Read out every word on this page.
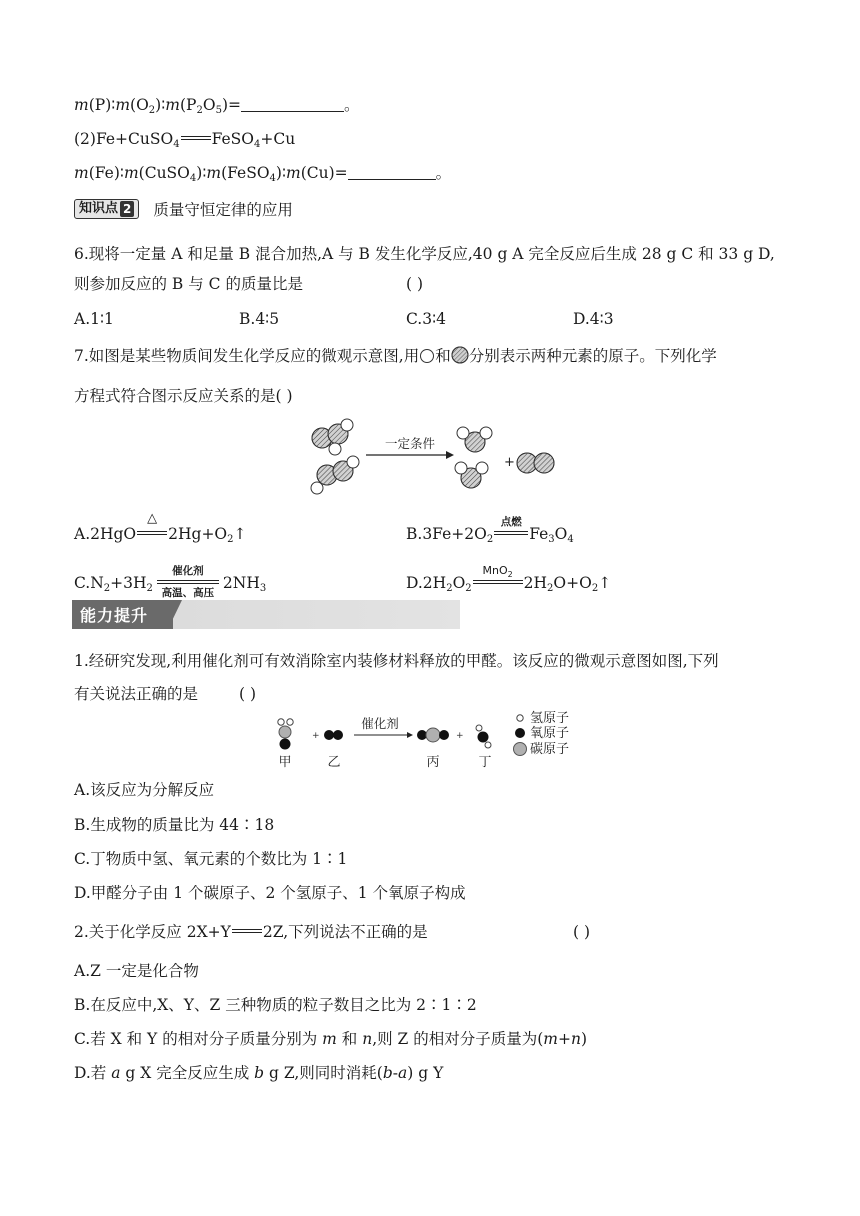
$m(P)∶m(O_2)∶m(P_2O_5)=$	。
(2)Fe+CuSO$_4$ FeSO$_4$+Cu
m(Fe)∶m(CuSO$_4$)∶m(FeSO$_4$)∶m(Cu)=	。
知识点 2 质量守恒定律的应用
6.现将一定量 A 和足量 B 混合加热,A 与 B 发生化学反应,40 g A 完全反应后生成 28 g C 和 33 g D,
则参加反应的 B 与 C 的质量比是	( )
A.1∶1	B.4∶5	C.3∶4	D.4∶3
7.如图是某些物质间发生化学反应的微观示意图,用 和 分别表示两种元素的原子。下列化学
方程式符合图示反应关系的是( )
一定条件
+
A.2HgO
△
$2Hg+O_2↑$	$B.3Fe+2O_2$
点燃
$Fe_3O_4$
$C.N_2+3H_2$
催化剂
高温、高压
$2NH_3$	$D.2H_2O_2$
MnO$_2$ $2H_2O+O_2↑$
能力提升
1.经研究发现,利用催化剂可有效消除室内装修材料释放的甲醛。该反应的微观示意图如图,下列
有关说法正确的是	( )
+
催化剂
+
甲	乙	丙	丁
氢原子
氧原子
碳原子
A.该反应为分解反应
B.生成物的质量比为 44∶18
C.丁物质中氢、氧元素的个数比为 1∶1
D.甲醛分子由 1 个碳原子、2 个氢原子、1 个氧原子构成
2.关于化学反应 2X+Y 2Z,下列说法不正确的是	( )
A.Z 一定是化合物
B.在反应中,X、Y、Z 三种物质的粒子数目之比为 2∶1∶2
C.若 X 和 Y 的相对分子质量分别为 m 和 n,则 Z 的相对分子质量为(m+n)
D.若 a g X 完全反应生成 b g Z,则同时消耗(b-a) g Y
